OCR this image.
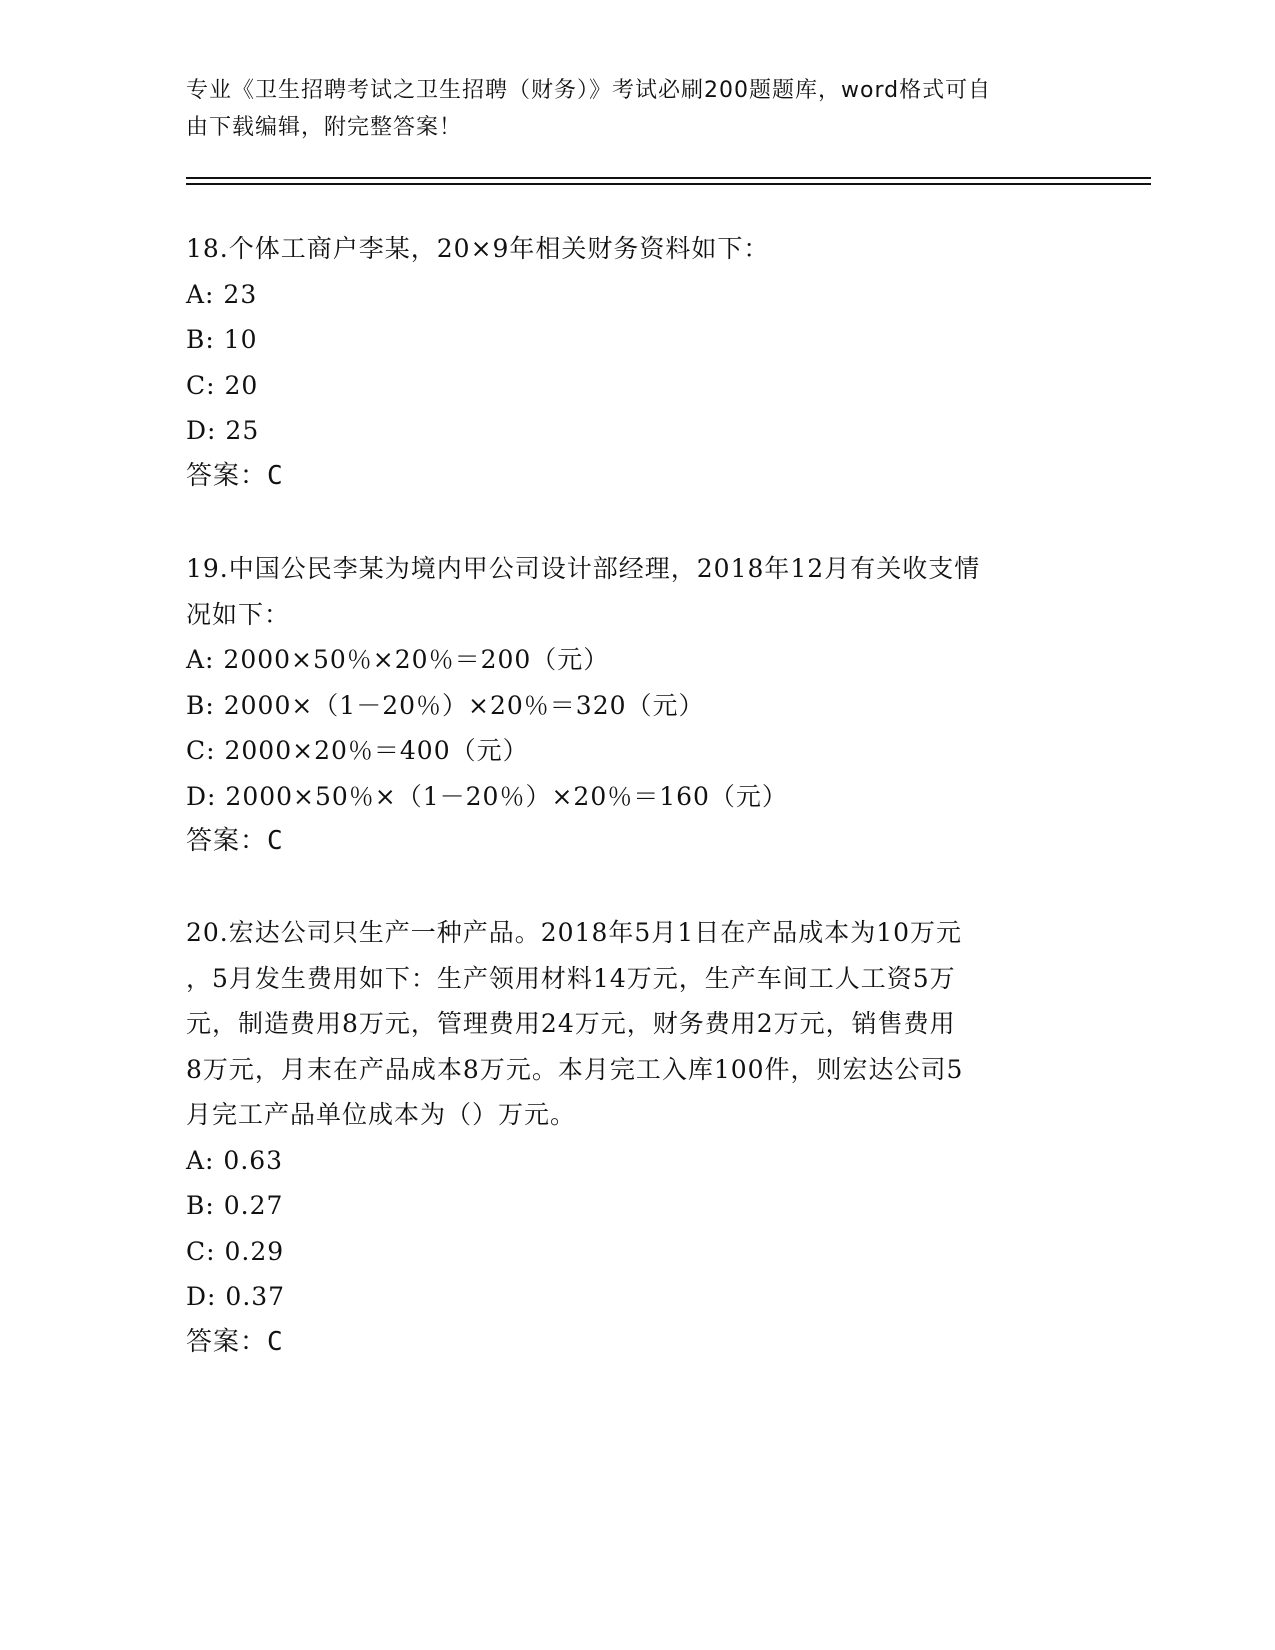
专业《卫生招聘考试之卫生招聘（财务）》考试必刷200题题库，word格式可自

由下载编辑，附完整答案！

18.个体工商户李某，20×9年相关财务资料如下：

A: 23

B: 10

C: 20

D: 25

答案：C

19.中国公民李某为境内甲公司设计部经理，2018年12月有关收支情

况如下：

A: 2000×50％×20％＝200（元）

B: 2000×（1－20％）×20％＝320（元）

C: 2000×20％＝400（元）

D: 2000×50％×（1－20％）×20％＝160（元）

答案：C

20.宏达公司只生产一种产品。2018年5月1日在产品成本为10万元

，5月发生费用如下：生产领用材料14万元，生产车间工人工资5万

元，制造费用8万元，管理费用24万元，财务费用2万元，销售费用

8万元，月末在产品成本8万元。本月完工入库100件，则宏达公司5

月完工产品单位成本为（）万元。

A: 0.63

B: 0.27

C: 0.29

D: 0.37

答案：C
